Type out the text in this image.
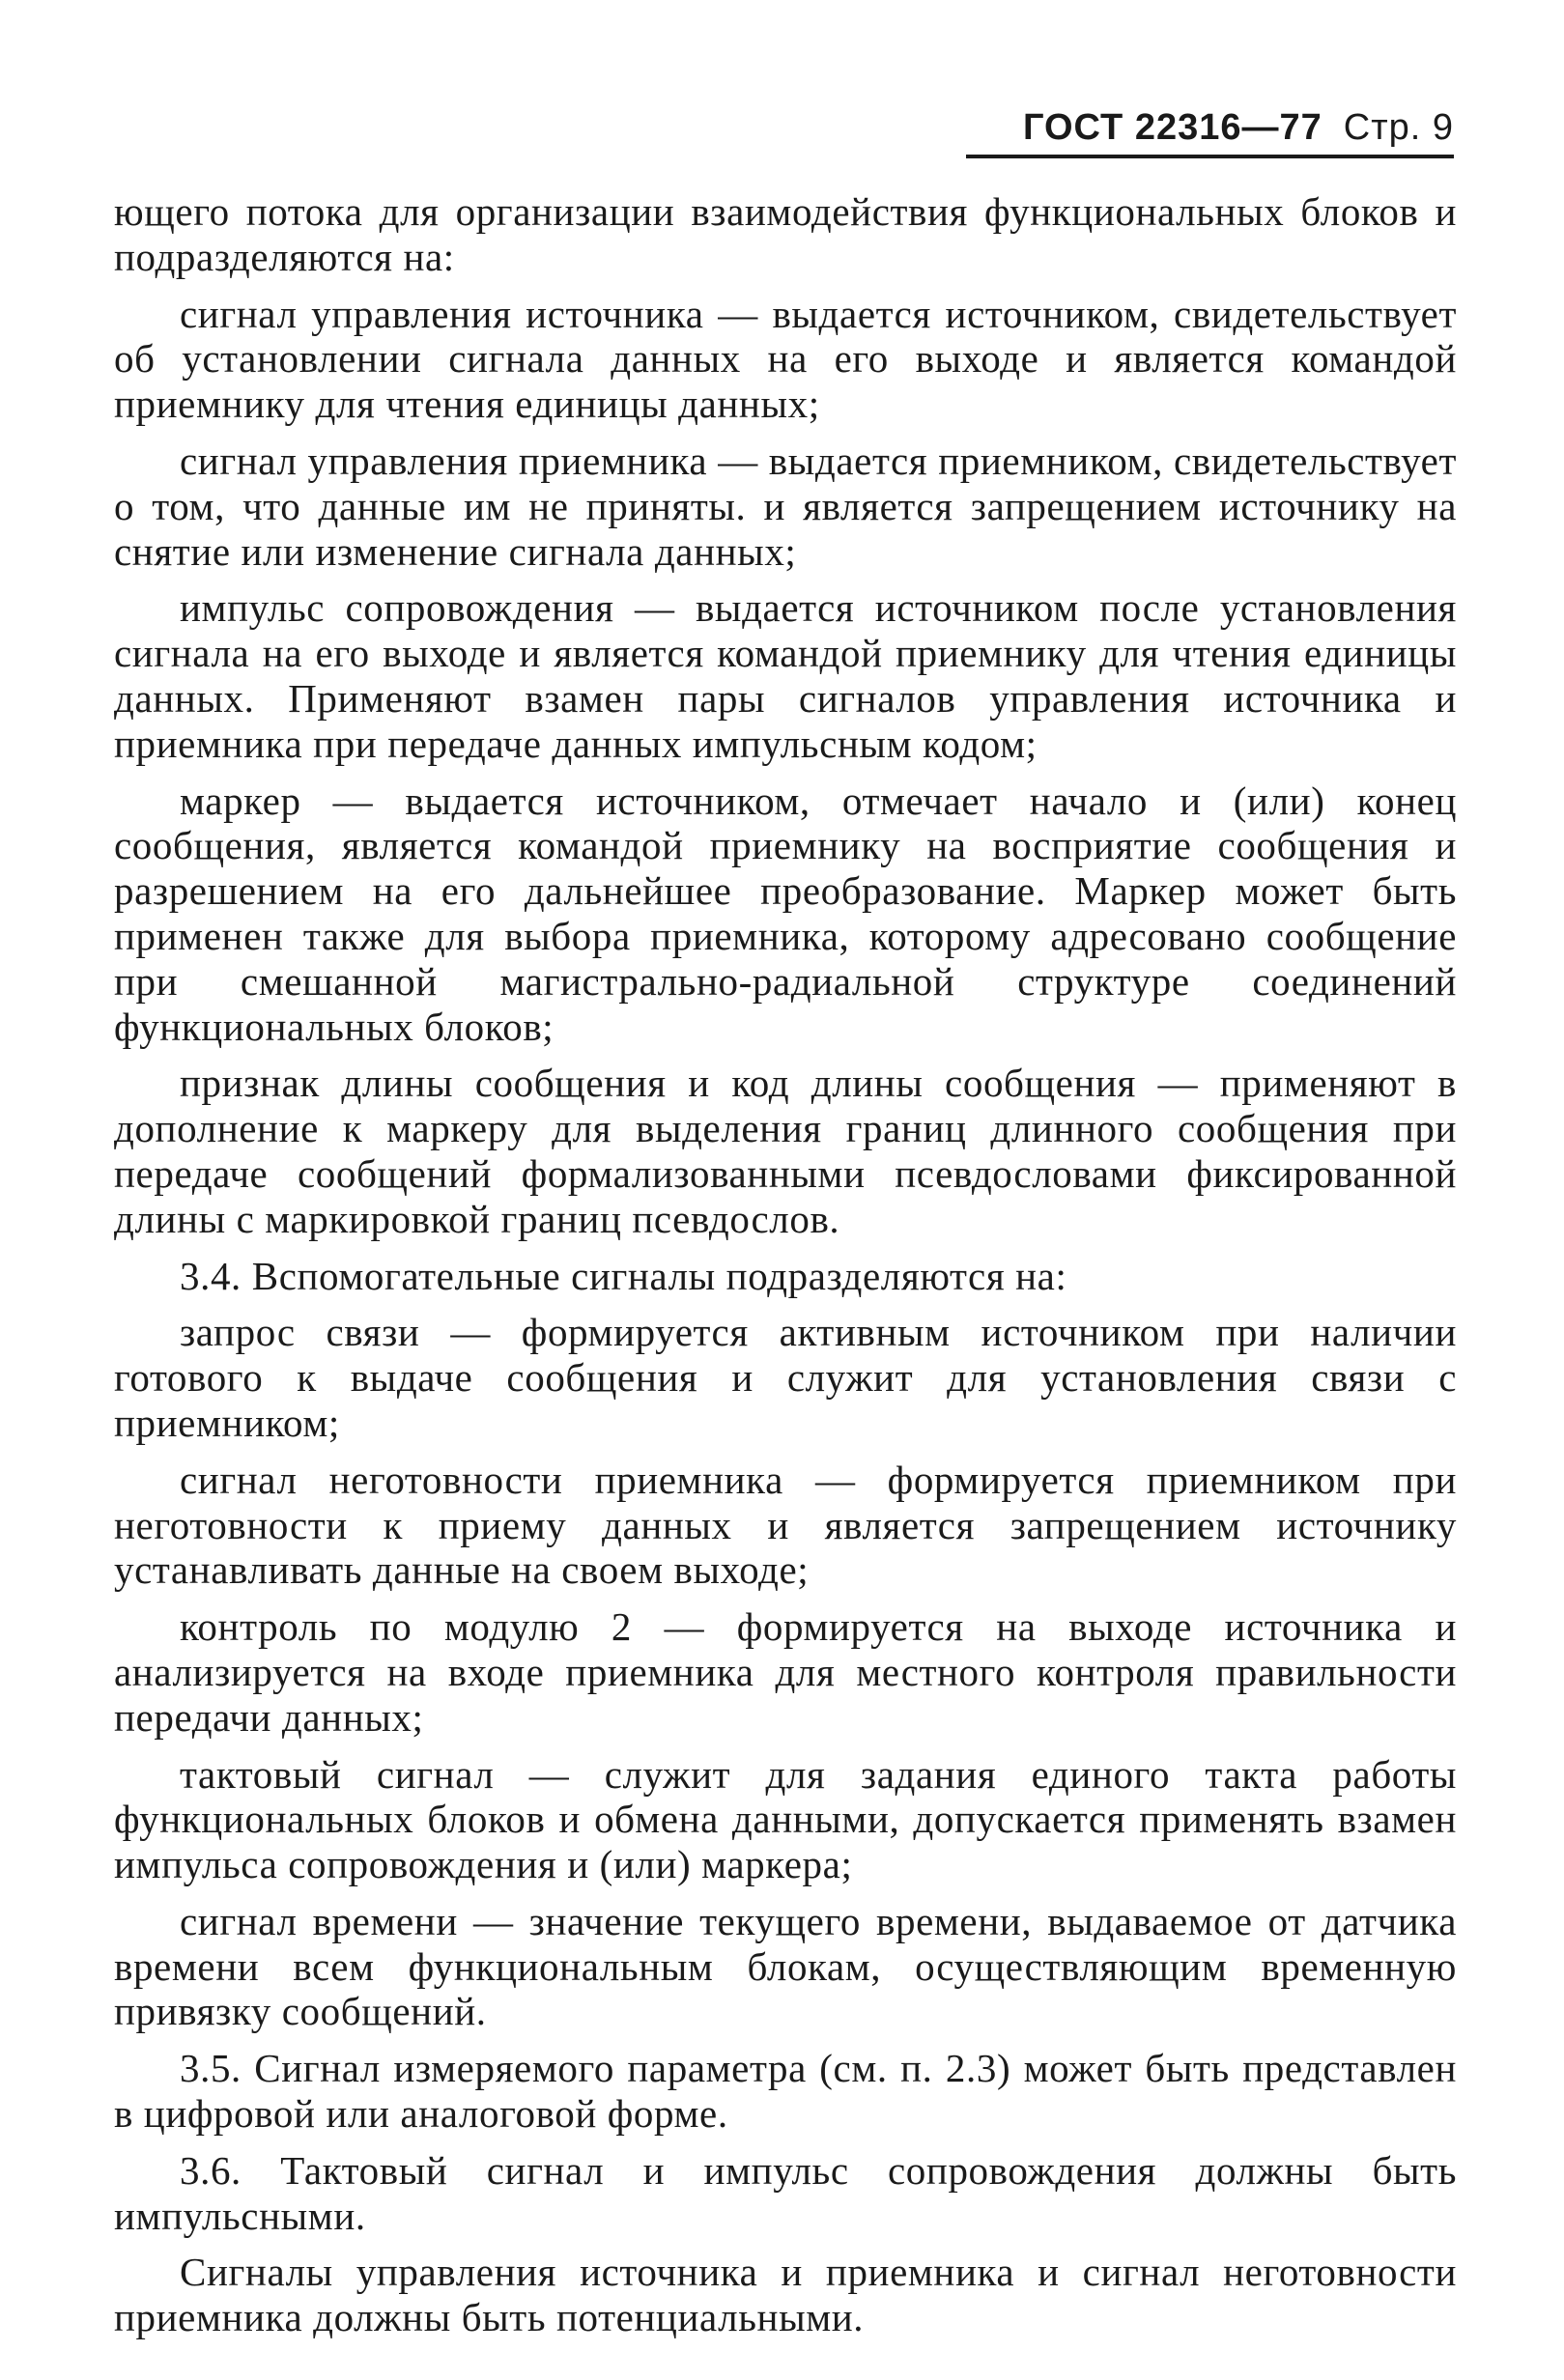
ГОСТ 22316—77 Стр. 9

ющего потока для организации взаимодействия функциональных блоков и подразделяются на:

сигнал управления источника — выдается источником, свидетельствует об установлении сигнала данных на его выходе и является командой приемнику для чтения единицы данных;

сигнал управления приемника — выдается приемником, свидетельствует о том, что данные им не приняты. и является запрещением источнику на снятие или изменение сигнала данных;

импульс сопровождения — выдается источником после установления сигнала на его выходе и является командой приемнику для чтения единицы данных. Применяют взамен пары сигналов управления источника и приемника при передаче данных импульсным кодом;

маркер — выдается источником, отмечает начало и (или) конец сообщения, является командой приемнику на восприятие сообщения и разрешением на его дальнейшее преобразование. Маркер может быть применен также для выбора приемника, которому адресовано сообщение при смешанной магистрально-радиальной структуре соединений функциональных блоков;

признак длины сообщения и код длины сообщения — применяют в дополнение к маркеру для выделения границ длинного сообщения при передаче сообщений формализованными псевдословами фиксированной длины с маркировкой границ псевдослов.

3.4. Вспомогательные сигналы подразделяются на:

запрос связи — формируется активным источником при наличии готового к выдаче сообщения и служит для установления связи с приемником;

сигнал неготовности приемника — формируется приемником при неготовности к приему данных и является запрещением источнику устанавливать данные на своем выходе;

контроль по модулю 2 — формируется на выходе источника и анализируется на входе приемника для местного контроля правильности передачи данных;

тактовый сигнал — служит для задания единого такта работы функциональных блоков и обмена данными, допускается применять взамен импульса сопровождения и (или) маркера;

сигнал времени — значение текущего времени, выдаваемое от датчика времени всем функциональным блокам, осуществляющим временную привязку сообщений.

3.5. Сигнал измеряемого параметра (см. п. 2.3) может быть представлен в цифровой или аналоговой форме.

3.6. Тактовый сигнал и импульс сопровождения должны быть импульсными.

Сигналы управления источника и приемника и сигнал неготовности приемника должны быть потенциальными.
